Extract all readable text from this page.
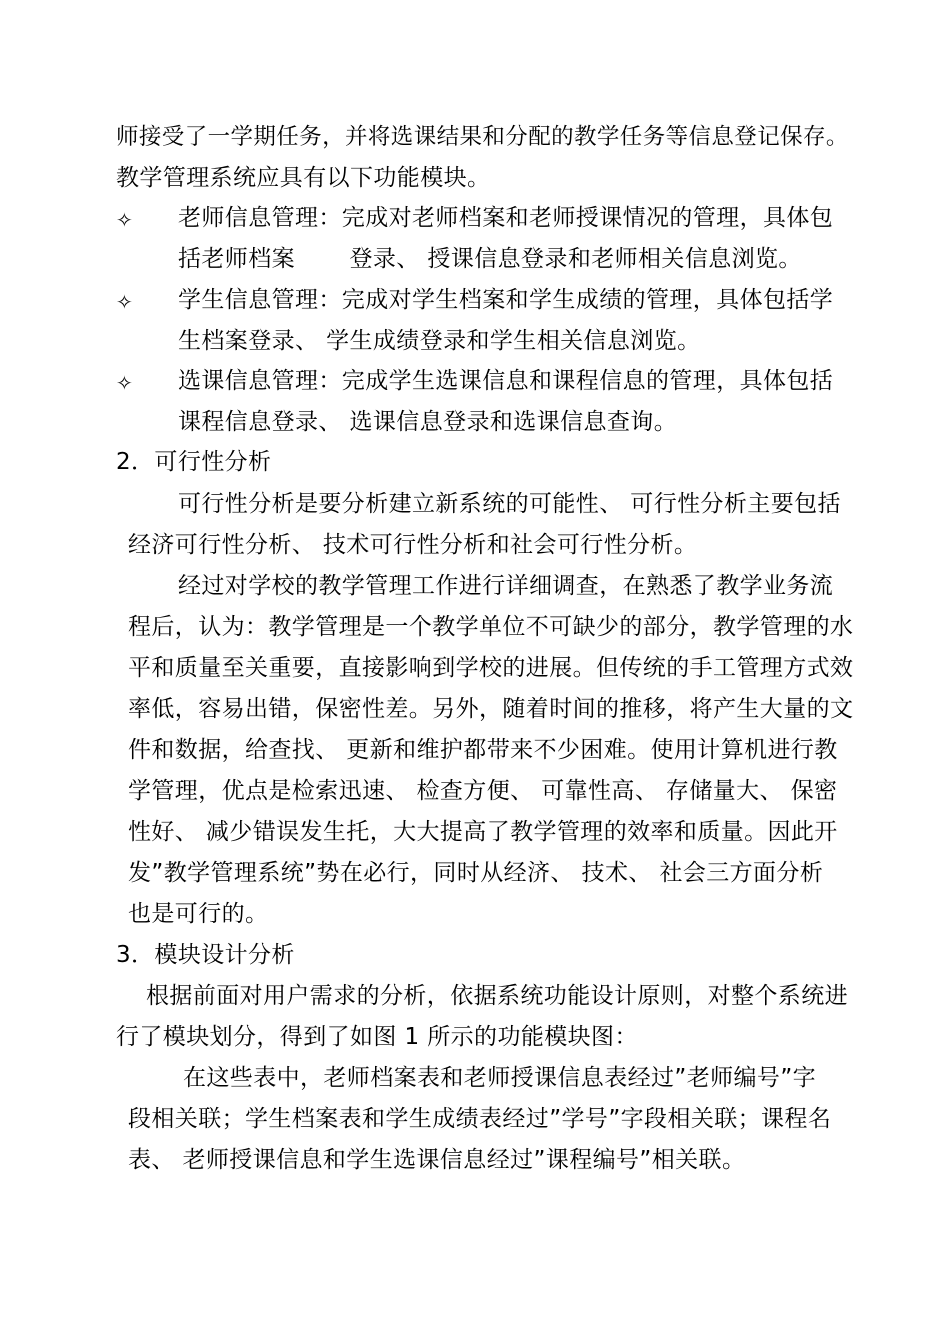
师接受了一学期任务，并将选课结果和分配的教学任务等信息登记保存。
教学管理系统应具有以下功能模块。
✧ 老师信息管理：完成对老师档案和老师授课情况的管理，具体包
括老师档案 　　登录、 授课信息登录和老师相关信息浏览。
✧ 学生信息管理：完成对学生档案和学生成绩的管理，具体包括学
生档案登录、 学生成绩登录和学生相关信息浏览。
✧ 选课信息管理：完成学生选课信息和课程信息的管理，具体包括
课程信息登录、 选课信息登录和选课信息查询。
2．可行性分析
可行性分析是要分析建立新系统的可能性、 可行性分析主要包括
经济可行性分析、 技术可行性分析和社会可行性分析。
经过对学校的教学管理工作进行详细调查，在熟悉了教学业务流
程后，认为：教学管理是一个教学单位不可缺少的部分，教学管理的水
平和质量至关重要，直接影响到学校的进展。但传统的手工管理方式效
率低，容易出错，保密性差。另外，随着时间的推移，将产生大量的文
件和数据，给查找、 更新和维护都带来不少困难。使用计算机进行教
学管理，优点是检索迅速、 检查方便、 可靠性高、 存储量大、 保密
性好、 减少错误发生托，大大提高了教学管理的效率和质量。因此开
发”教学管理系统”势在必行，同时从经济、 技术、 社会三方面分析
也是可行的。
3．模块设计分析
根据前面对用户需求的分析，依据系统功能设计原则，对整个系统进
行了模块划分，得到了如图 1 所示的功能模块图：
在这些表中，老师档案表和老师授课信息表经过”老师编号”字
段相关联；学生档案表和学生成绩表经过”学号”字段相关联；课程名
表、 老师授课信息和学生选课信息经过”课程编号”相关联。
